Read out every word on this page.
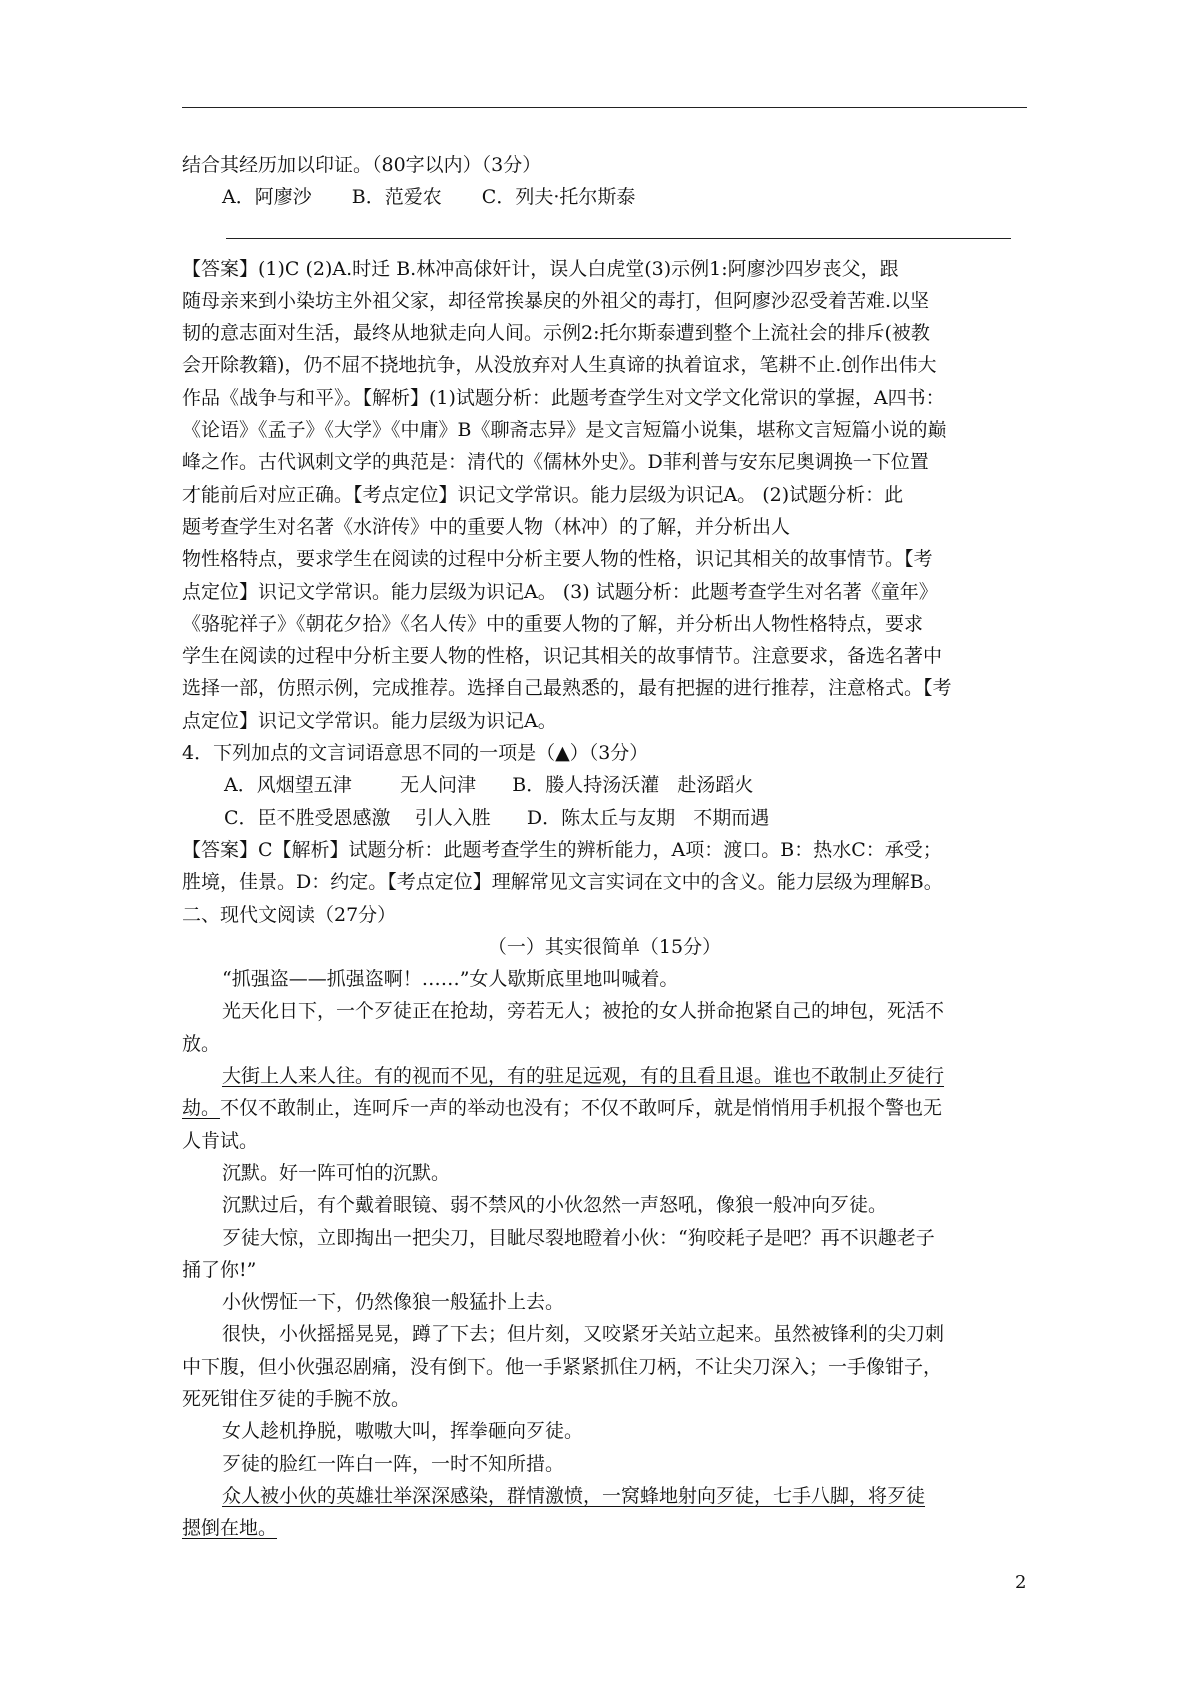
结合其经历加以印证。（80字以内）（3分）

A．阿廖沙 B．范爱农 C．列夫·托尔斯泰

【答案】(1)C (2)A.时迁 B.林冲高俅奸计，误人白虎堂(3)示例1:阿廖沙四岁丧父，跟

随母亲来到小染坊主外祖父家，却径常挨暴戾的外祖父的毒打，但阿廖沙忍受着苦难.以坚

韧的意志面对生活，最终从地狱走向人间。示例2:托尔斯泰遭到整个上流社会的排斥(被教

会开除教籍)，仍不屈不挠地抗争，从没放弃对人生真谛的执着谊求，笔耕不止.创作出伟大

作品《战争与和平》。【解析】(1)试题分析：此题考查学生对文学文化常识的掌握，A四书：

《论语》《孟子》《大学》《中庸》B《聊斋志异》是文言短篇小说集，堪称文言短篇小说的巅

峰之作。古代讽刺文学的典范是：清代的《儒林外史》。D菲利普与安东尼奥调换一下位置

才能前后对应正确。【考点定位】识记文学常识。能力层级为识记A。 (2)试题分析：此

题考查学生对名著《水浒传》中的重要人物（林冲）的了解，并分析出人

物性格特点，要求学生在阅读的过程中分析主要人物的性格，识记其相关的故事情节。【考

点定位】识记文学常识。能力层级为识记A。 (3) 试题分析：此题考查学生对名著《童年》

《骆驼祥子》《朝花夕拾》《名人传》中的重要人物的了解，并分析出人物性格特点，要求

学生在阅读的过程中分析主要人物的性格，识记其相关的故事情节。注意要求，备选名著中

选择一部，仿照示例，完成推荐。选择自己最熟悉的，最有把握的进行推荐，注意格式。【考

点定位】识记文学常识。能力层级为识记A。

4．下列加点的文言词语意思不同的一项是（▲）（3分）

A．风烟望五津        无人问津      B．媵人持汤沃灌   赴汤蹈火

C．臣不胜受恩感激    引人入胜      D．陈太丘与友期   不期而遇

【答案】C【解析】试题分析：此题考查学生的辨析能力，A项：渡口。B：热水C：承受；

胜境，佳景。D：约定。【考点定位】理解常见文言实词在文中的含义。能力层级为理解B。

二、现代文阅读（27分）

（一）其实很简单（15分）

“抓强盗——抓强盗啊！……”女人歇斯底里地叫喊着。

光天化日下，一个歹徒正在抢劫，旁若无人；被抢的女人拼命抱紧自己的坤包，死活不

放。

大街上人来人往。有的视而不见，有的驻足远观，有的且看且退。谁也不敢制止歹徒行

劫。不仅不敢制止，连呵斥一声的举动也没有；不仅不敢呵斥，就是悄悄用手机报个警也无

人肯试。

沉默。好一阵可怕的沉默。

沉默过后，有个戴着眼镜、弱不禁风的小伙忽然一声怒吼，像狼一般冲向歹徒。

歹徒大惊，立即掏出一把尖刀，目眦尽裂地瞪着小伙：“狗咬耗子是吧？再不识趣老子

捅了你!”

小伙愣怔一下，仍然像狼一般猛扑上去。

很快，小伙摇摇晃晃，蹲了下去；但片刻，又咬紧牙关站立起来。虽然被锋利的尖刀刺

中下腹，但小伙强忍剧痛，没有倒下。他一手紧紧抓住刀柄，不让尖刀深入；一手像钳子，

死死钳住歹徒的手腕不放。

女人趁机挣脱，嗷嗷大叫，挥拳砸向歹徒。

歹徒的脸红一阵白一阵，一时不知所措。

众人被小伙的英雄壮举深深感染，群情激愤，一窝蜂地射向歹徒，七手八脚，将歹徒

摁倒在地。

2
